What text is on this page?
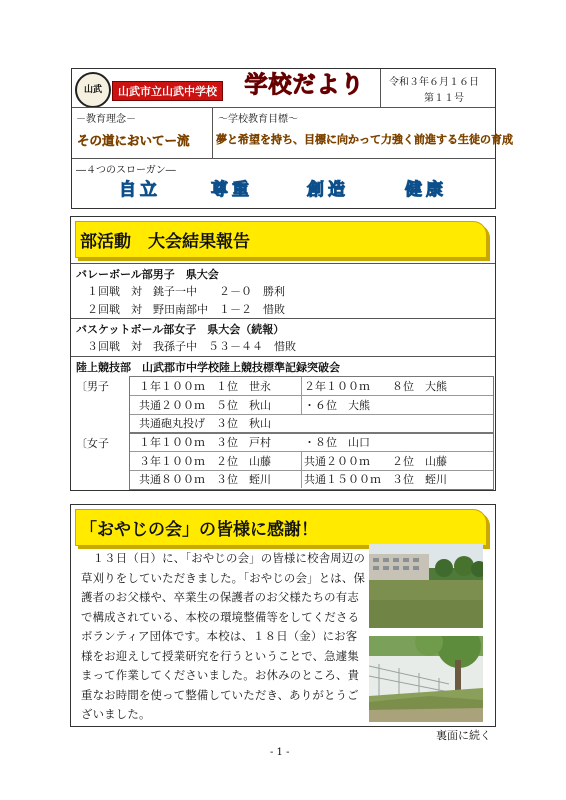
山武	山武市立山武中学校	学校だより	令和３年６月１６日
第１１号
－教育理念－
その道においてー流
～学校教育目標～
夢と希望を持ち、目標に向かって力強く前進する生徒の育成
―４つのスローガン―
自立	尊重	創造	健康
部活動　大会結果報告
バレーボール部男子　県大会
１回戦　対　銚子一中　　２－０　勝利
２回戦　対　野田南部中　１－２　惜敗
バスケットボール部女子　県大会（続報）
３回戦　対　我孫子中　５３－４４　惜敗
陸上競技部　山武郡市中学校陸上競技標準記録突破会
〔男子	１年１００ｍ　１位　世永	２年１００ｍ　　８位　大熊
共通２００ｍ　５位　秋山	・６位　大熊
共通砲丸投げ　３位　秋山
〔女子	１年１００ｍ　３位　戸村	・８位　山口
３年１００ｍ　２位　山藤	共通２００ｍ　　２位　山藤
共通８００ｍ　３位　蛭川	共通１５００ｍ　３位　蛭川
「おやじの会」の皆様に感謝！
　１３日（日）に、「おやじの会」の皆様に校舎周辺の草刈りをしていただきました。「おやじの会」とは、保護者のお父様や、卒業生の保護者のお父様たちの有志で構成されている、本校の環境整備等をしてくださるボランティア団体です。本校は、１８日（金）にお客様をお迎えして授業研究を行うということで、急遽集まって作業してくださいました。お休みのところ、貴重なお時間を使って整備していただき、ありがとうございました。
裏面に続く
- 1 -
